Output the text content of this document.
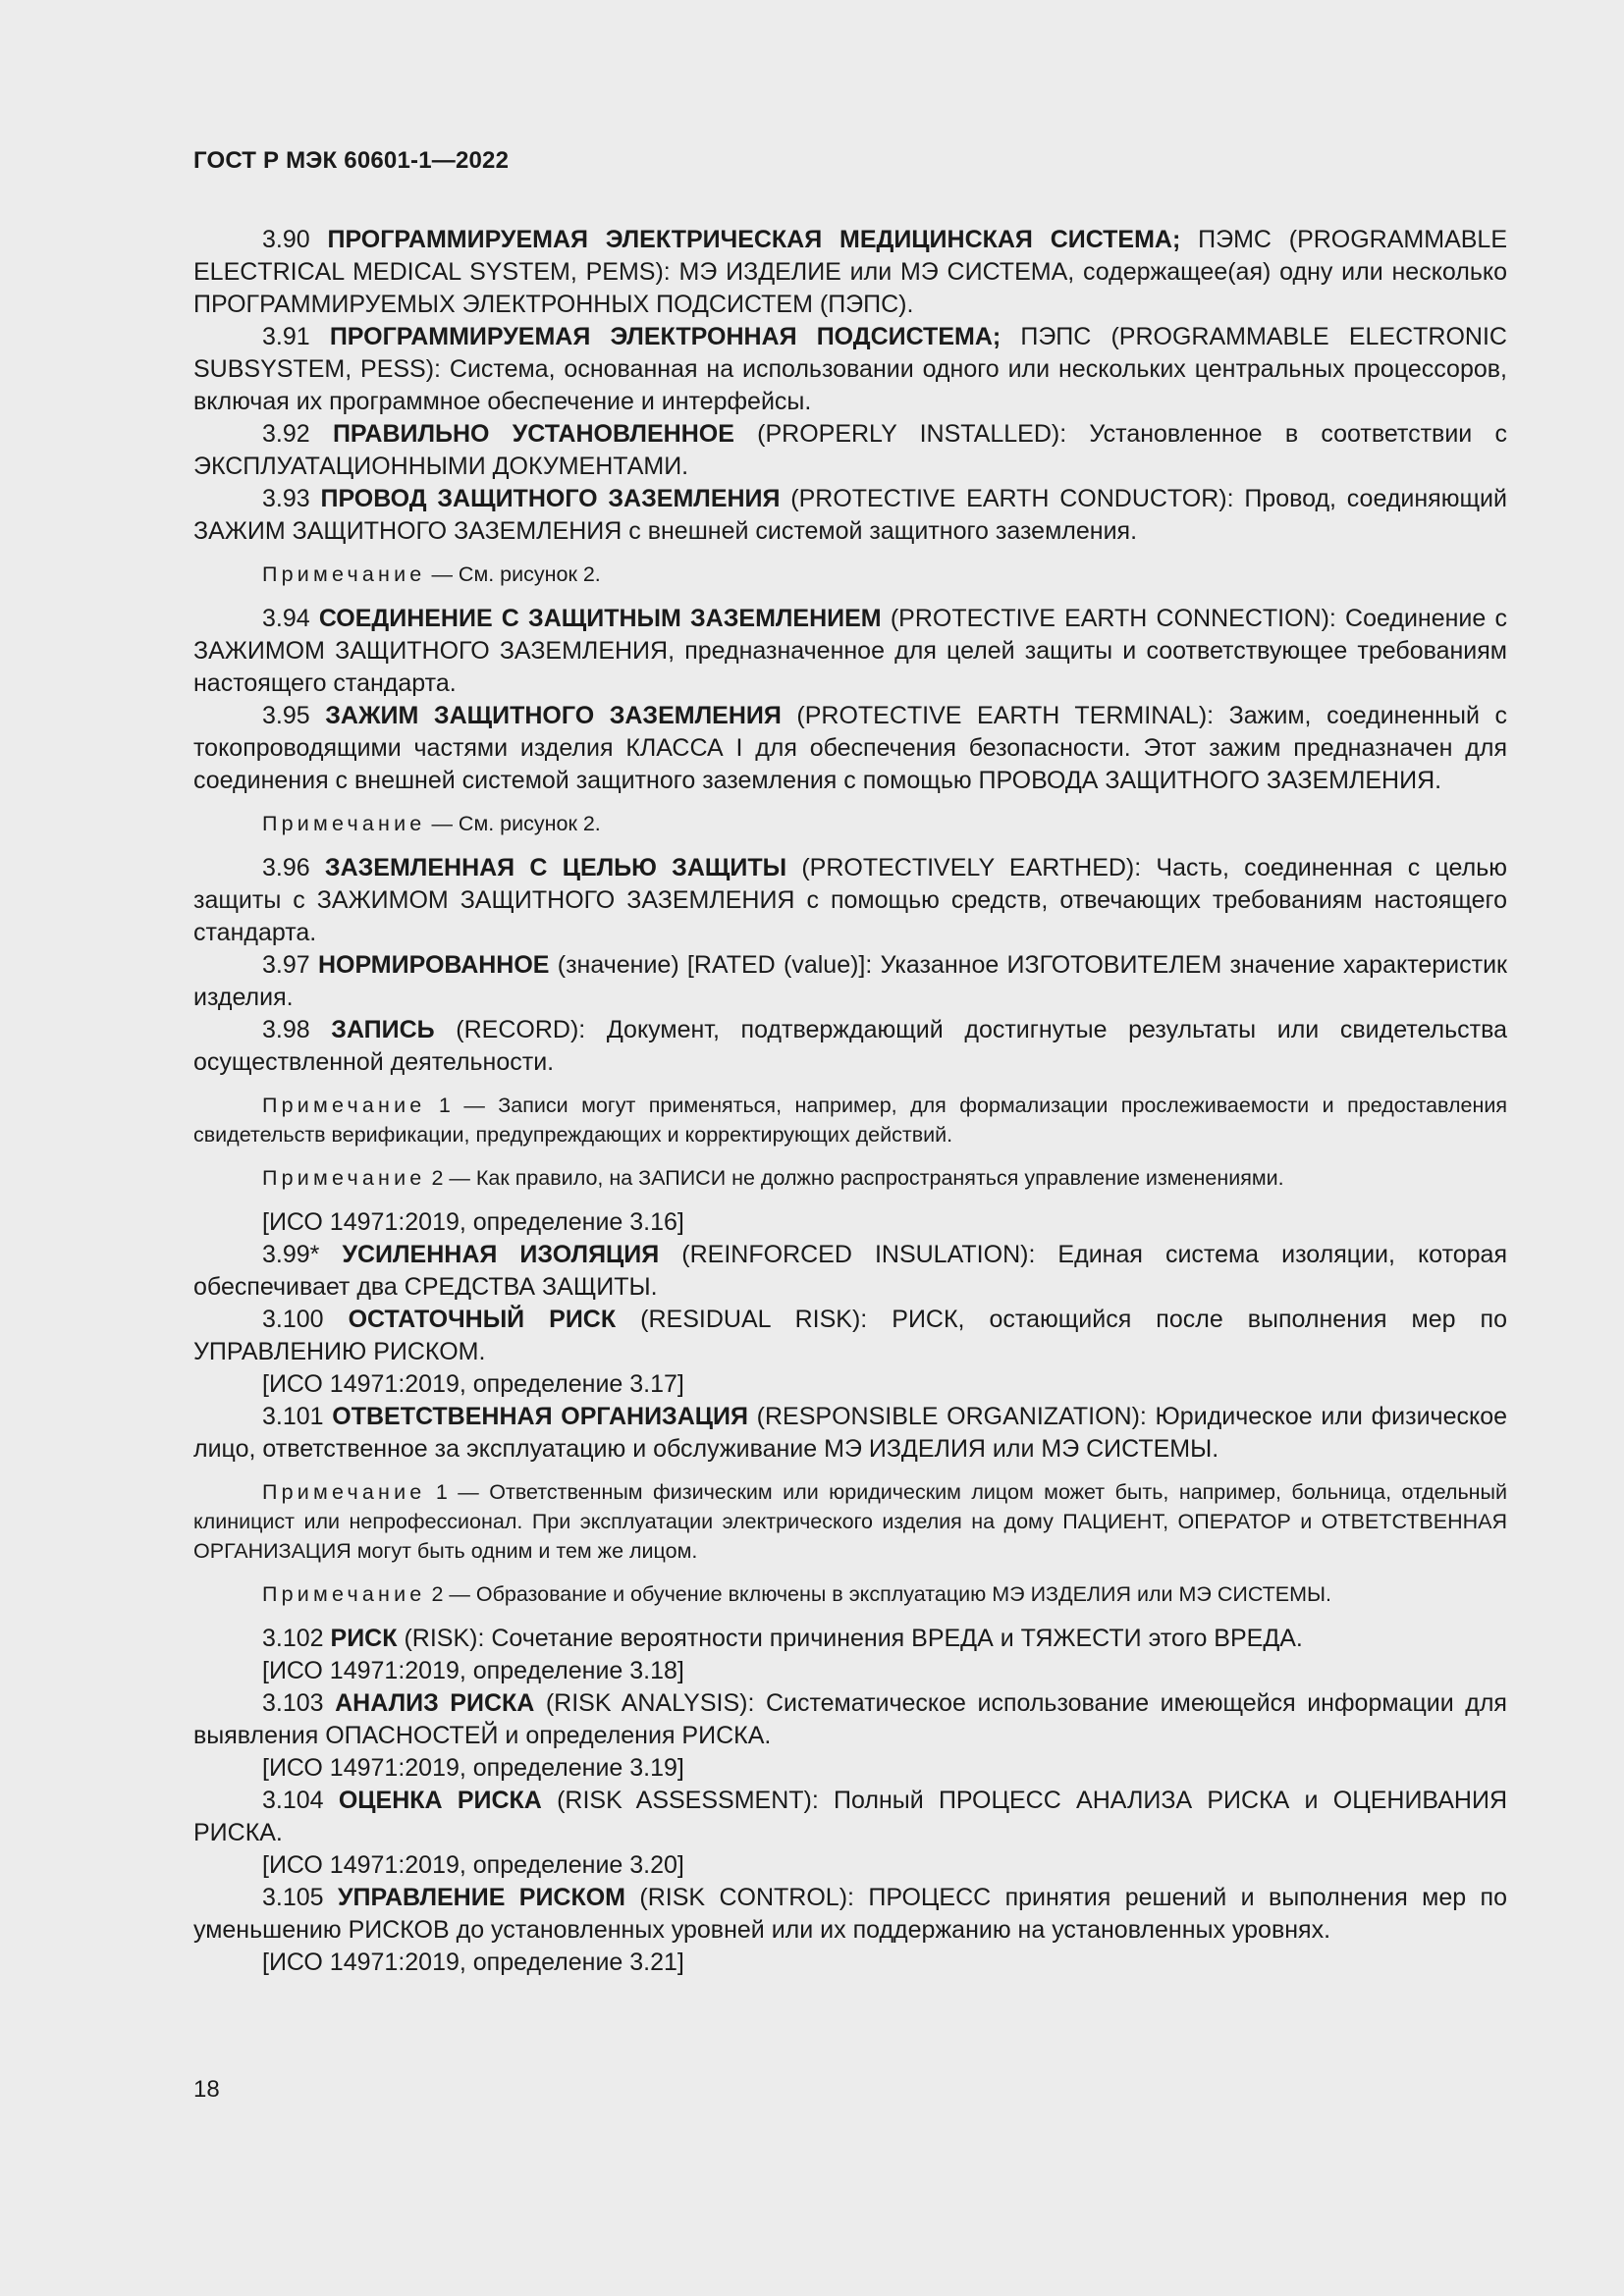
ГОСТ Р МЭК 60601-1—2022

3.90 ПРОГРАММИРУЕМАЯ ЭЛЕКТРИЧЕСКАЯ МЕДИЦИНСКАЯ СИСТЕМА; ПЭМС (PROGRAMMABLE ELECTRICAL MEDICAL SYSTEM, PEMS): МЭ ИЗДЕЛИЕ или МЭ СИСТЕМА, содержащее(ая) одну или несколько ПРОГРАММИРУЕМЫХ ЭЛЕКТРОННЫХ ПОДСИСТЕМ (ПЭПС).

3.91 ПРОГРАММИРУЕМАЯ ЭЛЕКТРОННАЯ ПОДСИСТЕМА; ПЭПС (PROGRAMMABLE ELECTRONIC SUBSYSTEM, PESS): Система, основанная на использовании одного или нескольких центральных процессоров, включая их программное обеспечение и интерфейсы.

3.92 ПРАВИЛЬНО УСТАНОВЛЕННОЕ (PROPERLY INSTALLED): Установленное в соответствии с ЭКСПЛУАТАЦИОННЫМИ ДОКУМЕНТАМИ.

3.93 ПРОВОД ЗАЩИТНОГО ЗАЗЕМЛЕНИЯ (PROTECTIVE EARTH CONDUCTOR): Провод, соединяющий ЗАЖИМ ЗАЩИТНОГО ЗАЗЕМЛЕНИЯ с внешней системой защитного заземления.

Примечание — См. рисунок 2.

3.94 СОЕДИНЕНИЕ С ЗАЩИТНЫМ ЗАЗЕМЛЕНИЕМ (PROTECTIVE EARTH CONNECTION): Соединение с ЗАЖИМОМ ЗАЩИТНОГО ЗАЗЕМЛЕНИЯ, предназначенное для целей защиты и соответствующее требованиям настоящего стандарта.

3.95 ЗАЖИМ ЗАЩИТНОГО ЗАЗЕМЛЕНИЯ (PROTECTIVE EARTH TERMINAL): Зажим, соединенный с токопроводящими частями изделия КЛАССА I для обеспечения безопасности. Этот зажим предназначен для соединения с внешней системой защитного заземления с помощью ПРОВОДА ЗАЩИТНОГО ЗАЗЕМЛЕНИЯ.

Примечание — См. рисунок 2.

3.96 ЗАЗЕМЛЕННАЯ С ЦЕЛЬЮ ЗАЩИТЫ (PROTECTIVELY EARTHED): Часть, соединенная с целью защиты с ЗАЖИМОМ ЗАЩИТНОГО ЗАЗЕМЛЕНИЯ с помощью средств, отвечающих требованиям настоящего стандарта.

3.97 НОРМИРОВАННОЕ (значение) [RATED (value)]: Указанное ИЗГОТОВИТЕЛЕМ значение характеристик изделия.

3.98 ЗАПИСЬ (RECORD): Документ, подтверждающий достигнутые результаты или свидетельства осуществленной деятельности.

Примечание 1 — Записи могут применяться, например, для формализации прослеживаемости и предоставления свидетельств верификации, предупреждающих и корректирующих действий.

Примечание 2 — Как правило, на ЗАПИСИ не должно распространяться управление изменениями.

[ИСО 14971:2019, определение 3.16]

3.99* УСИЛЕННАЯ ИЗОЛЯЦИЯ (REINFORCED INSULATION): Единая система изоляции, которая обеспечивает два СРЕДСТВА ЗАЩИТЫ.

3.100 ОСТАТОЧНЫЙ РИСК (RESIDUAL RISK): РИСК, остающийся после выполнения мер по УПРАВЛЕНИЮ РИСКОМ.

[ИСО 14971:2019, определение 3.17]

3.101 ОТВЕТСТВЕННАЯ ОРГАНИЗАЦИЯ (RESPONSIBLE ORGANIZATION): Юридическое или физическое лицо, ответственное за эксплуатацию и обслуживание МЭ ИЗДЕЛИЯ или МЭ СИСТЕМЫ.

Примечание 1 — Ответственным физическим или юридическим лицом может быть, например, больница, отдельный клиницист или непрофессионал. При эксплуатации электрического изделия на дому ПАЦИЕНТ, ОПЕРАТОР и ОТВЕТСТВЕННАЯ ОРГАНИЗАЦИЯ могут быть одним и тем же лицом.

Примечание 2 — Образование и обучение включены в эксплуатацию МЭ ИЗДЕЛИЯ или МЭ СИСТЕМЫ.

3.102 РИСК (RISK): Сочетание вероятности причинения ВРЕДА и ТЯЖЕСТИ этого ВРЕДА.

[ИСО 14971:2019, определение 3.18]

3.103 АНАЛИЗ РИСКА (RISK ANALYSIS): Систематическое использование имеющейся информации для выявления ОПАСНОСТЕЙ и определения РИСКА.

[ИСО 14971:2019, определение 3.19]

3.104 ОЦЕНКА РИСКА (RISK ASSESSMENT): Полный ПРОЦЕСС АНАЛИЗА РИСКА и ОЦЕНИВАНИЯ РИСКА.

[ИСО 14971:2019, определение 3.20]

3.105 УПРАВЛЕНИЕ РИСКОМ (RISK CONTROL): ПРОЦЕСС принятия решений и выполнения мер по уменьшению РИСКОВ до установленных уровней или их поддержанию на установленных уровнях.

[ИСО 14971:2019, определение 3.21]

18
